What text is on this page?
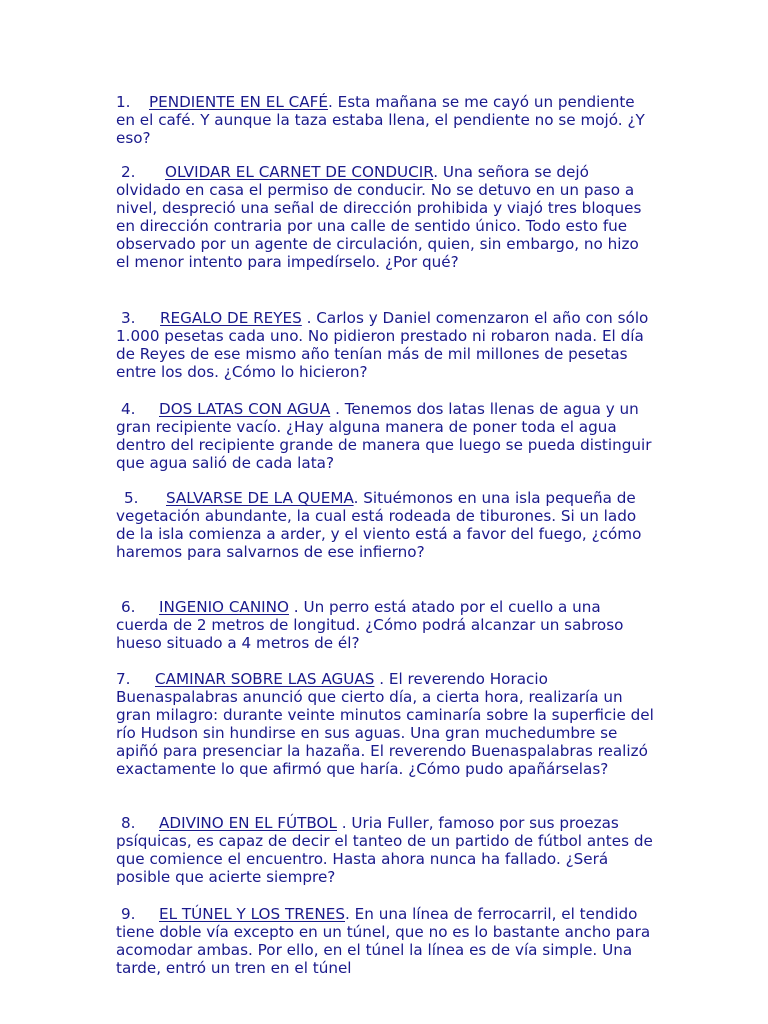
1. PENDIENTE EN EL CAFÉ. Esta mañana se me cayó un pendiente en el café. Y aunque la taza estaba llena, el pendiente no se mojó. ¿Y eso?

2. OLVIDAR EL CARNET DE CONDUCIR. Una señora se dejó olvidado en casa el permiso de conducir. No se detuvo en un paso a nivel, despreció una señal de dirección prohibida y viajó tres bloques en dirección contraria por una calle de sentido único. Todo esto fue observado por un agente de circulación, quien, sin embargo, no hizo el menor intento para impedírselo. ¿Por qué?

3. REGALO DE REYES . Carlos y Daniel comenzaron el año con sólo 1.000 pesetas cada uno. No pidieron prestado ni robaron nada. El día de Reyes de ese mismo año tenían más de mil millones de pesetas entre los dos. ¿Cómo lo hicieron?

4. DOS LATAS CON AGUA . Tenemos dos latas llenas de agua y un gran recipiente vacío. ¿Hay alguna manera de poner toda el agua dentro del recipiente grande de manera que luego se pueda distinguir que agua salió de cada lata?

5. SALVARSE DE LA QUEMA. Situémonos en una isla pequeña de vegetación abundante, la cual está rodeada de tiburones. Si un lado de la isla comienza a arder, y el viento está a favor del fuego, ¿cómo haremos para salvarnos de ese infierno?

6. INGENIO CANINO . Un perro está atado por el cuello a una cuerda de 2 metros de longitud. ¿Cómo podrá alcanzar un sabroso hueso situado a 4 metros de él?

7. CAMINAR SOBRE LAS AGUAS . El reverendo Horacio Buenaspalabras anunció que cierto día, a cierta hora, realizaría un gran milagro: durante veinte minutos caminaría sobre la superficie del río Hudson sin hundirse en sus aguas. Una gran muchedumbre se apiñó para presenciar la hazaña. El reverendo Buenaspalabras realizó exactamente lo que afirmó que haría. ¿Cómo pudo apañárselas?

8. ADIVINO EN EL FÚTBOL . Uria Fuller, famoso por sus proezas psíquicas, es capaz de decir el tanteo de un partido de fútbol antes de que comience el encuentro. Hasta ahora nunca ha fallado. ¿Será posible que acierte siempre?

9. EL TÚNEL Y LOS TRENES. En una línea de ferrocarril, el tendido tiene doble vía excepto en un túnel, que no es lo bastante ancho para acomodar ambas. Por ello, en el túnel la línea es de vía simple. Una tarde, entró un tren en el túnel
